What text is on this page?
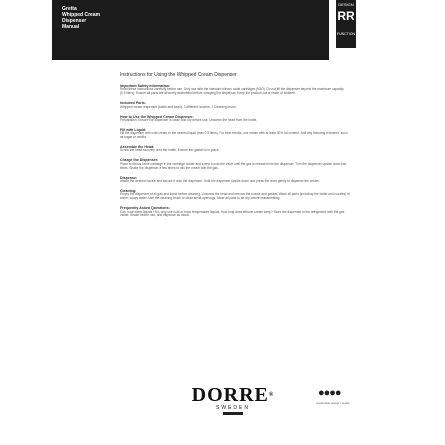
Gretta
Whipped Cream
Dispenser
Manual
DESIGN
RR
FUNCTION
Instructions for Using the Whipped Cream Dispenser
Important Safety Information:
Read these instructions carefully before use. Only use with the intended nitrous oxide cartridges (N2O). Do not fill the dispenser beyond the maximum capacity (0.5 liters). Ensure all parts are securely assembled before charging the dispenser. Keep the product out of reach of children.
Included Parts:
Whipped cream dispenser (bottle and head), 3 different nozzles, 1 Cleaning brush.
How to Use the Whipped Cream Dispenser:
Preparation: Ensure the dispenser is clean and dry before use. Unscrew the head from the bottle.
Fill with Liquid:
Fill the dispenser with cold cream or the desired liquid (max 0.5 liters). For best results, use cream with at least 30% fat content. Add any flavoring if desired, such as sugar or vanilla.
Assemble the Head:
Screw the head securely onto the bottle. Ensure the gasket is in place.
Charge the Dispenser:
Place a nitrous oxide cartridge in the cartridge holder and screw it onto the valve until the gas is released into the dispenser. Turn the dispenser upside down two times. Shake the dispenser a few times to mix the cream with the gas.
Dispense:
Attach the desired nozzle and secure it onto the dispenser. Hold the dispenser upside down and press the lever gently to dispense the cream.
Cleaning:
Empty the dispenser of all gas and liquid before cleaning. Unscrew the head and remove the nozzle and gasket. Wash all parts (including the bottle and nozzles) in warm, soapy water. Use the cleaning brush to clean small openings. Allow all parts to air dry before reassembling.
Frequently Asked Questions:
Can I use warm liquids? No, only use cold or room temperature liquids. How long does leftover cream keep? Store the dispenser in the refrigerator with the gas inside. Shake before use, and dispense as usual.
DORRE®
SWEDEN
●●●●
sustainable design • quality
